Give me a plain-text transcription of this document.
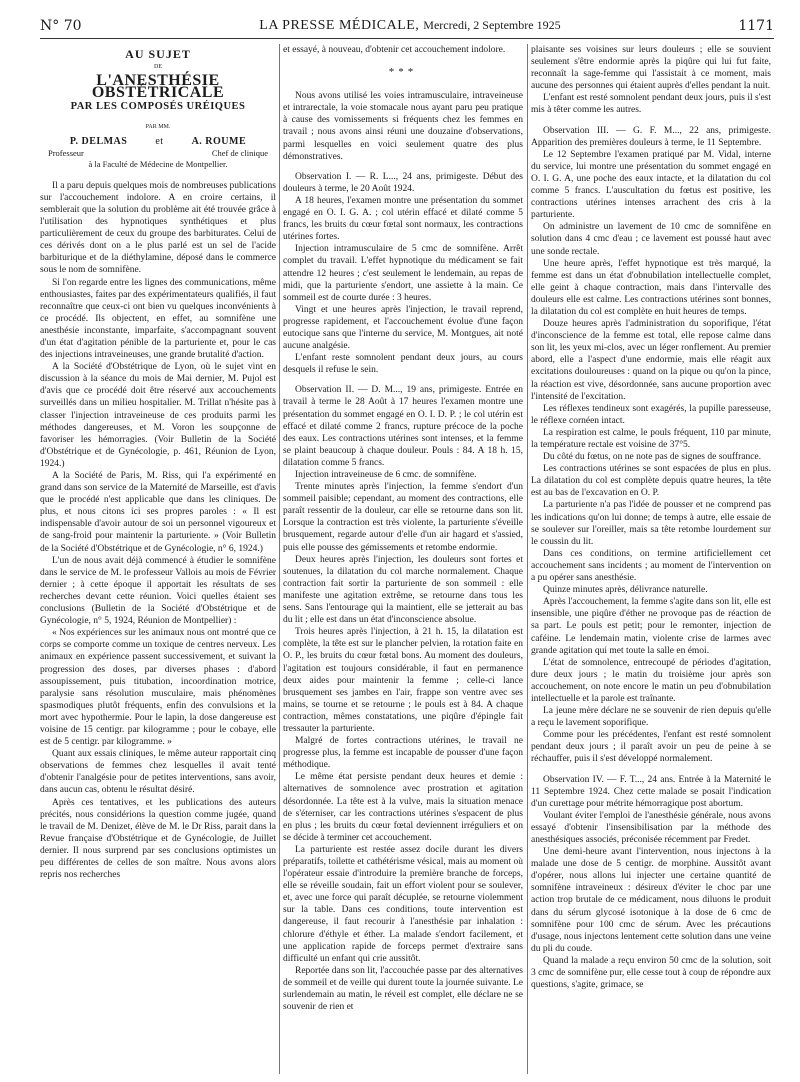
N° 70	LA PRESSE MÉDICALE, Mercredi, 2 Septembre 1925	1171
AU SUJET
DE
L'ANESTHÉSIE OBSTÉTRICALE
PAR LES COMPOSÉS URÉIQUES
PAR MM.
P. DELMAS	et	A. ROUME
Professeur	Chef de clinique
à la Faculté de Médecine de Montpellier.

Il a paru depuis quelques mois de nombreuses publications sur l'accouchement indolore. A en croire certains, il semblerait que la solution du problème ait été trouvée grâce à l'utilisation des hypnotiques synthétiques et plus particulièrement de ceux du groupe des barbiturates. Celui de ces dérivés dont on a le plus parlé est un sel de l'acide barbiturique et de la diéthylamine, déposé dans le commerce sous le nom de somnifène.

Si l'on regarde entre les lignes des communications, même enthousiastes, faites par des expérimentateurs qualifiés, il faut reconnaître que ceux-ci ont bien vu quelques inconvénients à ce procédé. Ils objectent, en effet, au somnifène une anesthésie inconstante, imparfaite, s'accompagnant souvent d'un état d'agitation pénible de la parturiente et, pour le cas des injections intraveineuses, une grande brutalité d'action.

A la Société d'Obstétrique de Lyon, où le sujet vint en discussion à la séance du mois de Mai dernier, M. Pujol est d'avis que ce procédé doit être réservé aux accouchements surveillés dans un milieu hospitalier. M. Trillat n'hésite pas à classer l'injection intraveineuse de ces produits parmi les méthodes dangereuses, et M. Voron les soupçonne de favoriser les hémorragies. (Voir Bulletin de la Société d'Obstétrique et de Gynécologie, p. 461, Réunion de Lyon, 1924.)

A la Société de Paris, M. Riss, qui l'a expérimenté en grand dans son service de la Maternité de Marseille, est d'avis que le procédé n'est applicable que dans les cliniques. De plus, et nous citons ici ses propres paroles : « Il est indispensable d'avoir autour de soi un personnel vigoureux et de sang-froid pour maintenir la parturiente. » (Voir Bulletin de la Société d'Obstétrique et de Gynécologie, n° 6, 1924.)

L'un de nous avait déjà commencé à étudier le somnifène dans le service de M. le professeur Vallois au mois de Février dernier ; à cette époque il apportait les résultats de ses recherches devant cette réunion. Voici quelles étaient ses conclusions (Bulletin de la Société d'Obstétrique et de Gynécologie, n° 5, 1924, Réunion de Montpellier) :

« Nos expériences sur les animaux nous ont montré que ce corps se comporte comme un toxique de centres nerveux. Les animaux en expérience passent successivement, et suivant la progression des doses, par diverses phases : d'abord assoupissement, puis titubation, incoordination motrice, paralysie sans résolution musculaire, mais phénomènes spasmodiques plutôt fréquents, enfin des convulsions et la mort avec hypothermie. Pour le lapin, la dose dangereuse est voisine de 15 centigr. par kilogramme ; pour le cobaye, elle est de 5 centigr. par kilogramme. »

Quant aux essais cliniques, le même auteur rapportait cinq observations de femmes chez lesquelles il avait tenté d'obtenir l'analgésie pour de petites interventions, sans avoir, dans aucun cas, obtenu le résultat désiré.

Après ces tentatives, et les publications des auteurs précités, nous considérions la question comme jugée, quand le travail de M. Denizet, élève de M. le Dr Riss, parait dans la Revue française d'Obstétrique et de Gynécologie, de Juillet dernier. Il nous surprend par ses conclusions optimistes un peu différentes de celles de son maître. Nous avons alors repris nos recherches

et essayé, à nouveau, d'obtenir cet accouchement indolore.

***

Nous avons utilisé les voies intramusculaire, intraveineuse et intrarectale, la voie stomacale nous ayant paru peu pratique à cause des vomissements si fréquents chez les femmes en travail ; nous avons ainsi réuni une douzaine d'observations, parmi lesquelles en voici seulement quatre des plus démonstratives.

Observation I. — R. L..., 24 ans, primigeste. Début des douleurs à terme, le 20 Août 1924.

A 18 heures, l'examen montre une présentation du sommet engagé en O. I. G. A. ; col utérin effacé et dilaté comme 5 francs, les bruits du cœur fœtal sont normaux, les contractions utérines fortes.

Injection intramusculaire de 5 cmc de somnifène. Arrêt complet du travail. L'effet hypnotique du médicament se fait attendre 12 heures ; c'est seulement le lendemain, au repas de midi, que la parturiente s'endort, une assiette à la main. Ce sommeil est de courte durée : 3 heures.

Vingt et une heures après l'injection, le travail reprend, progresse rapidement, et l'accouchement évolue d'une façon eutocique sans que l'interne du service, M. Montgues, ait noté aucune analgésie.

L'enfant reste somnolent pendant deux jours, au cours desquels il refuse le sein.

Observation II. — D. M..., 19 ans, primigeste. Entrée en travail à terme le 28 Août à 17 heures l'examen montre une présentation du sommet engagé en O. I. D. P. ; le col utérin est effacé et dilaté comme 2 francs, rupture précoce de la poche des eaux. Les contractions utérines sont intenses, et la femme se plaint beaucoup à chaque douleur. Pouls : 84. A 18 h. 15, dilatation comme 5 francs.

Injection intraveineuse de 6 cmc. de somnifène.

Trente minutes après l'injection, la femme s'endort d'un sommeil paisible; cependant, au moment des contractions, elle paraît ressentir de la douleur, car elle se retourne dans son lit. Lorsque la contraction est très violente, la parturiente s'éveille brusquement, regarde autour d'elle d'un air hagard et s'assied, puis elle pousse des gémissements et retombe endormie.

Deux heures après l'injection, les douleurs sont fortes et soutenues, la dilatation du col marche normalement. Chaque contraction fait sortir la parturiente de son sommeil : elle manifeste une agitation extrême, se retourne dans tous les sens. Sans l'entourage qui la maintient, elle se jetterait au bas du lit ; elle est dans un état d'inconscience absolue.

Trois heures après l'injection, à 21 h. 15, la dilatation est complète, la tête est sur le plancher pelvien, la rotation faite en O. P., les bruits du cœur fœtal bons. Au moment des douleurs, l'agitation est toujours considérable, il faut en permanence deux aides pour maintenir la femme ; celle-ci lance brusquement ses jambes en l'air, frappe son ventre avec ses mains, se tourne et se retourne ; le pouls est à 84. A chaque contraction, mêmes constatations, une piqûre d'épingle fait tressauter la parturiente.

Malgré de fortes contractions utérines, le travail ne progresse plus, la femme est incapable de pousser d'une façon méthodique.

Le même état persiste pendant deux heures et demie : alternatives de somnolence avec prostration et agitation désordonnée. La tête est à la vulve, mais la situation menace de s'éterniser, car les contractions utérines s'espacent de plus en plus ; les bruits du cœur fœtal deviennent irréguliers et on se décide à terminer cet accouchement.

La parturiente est restée assez docile durant les divers préparatifs, toilette et cathétérisme vésical, mais au moment où l'opérateur essaie d'introduire la première branche de forceps, elle se réveille soudain, fait un effort violent pour se soulever, et, avec une force qui paraît décuplée, se retourne violemment sur la table. Dans ces conditions, toute intervention est dangereuse, il faut recourir à l'anesthésie par inhalation : chlorure d'éthyle et éther. La malade s'endort facilement, et une application rapide de forceps permet d'extraire sans difficulté un enfant qui crie aussitôt.

Reportée dans son lit, l'accouchée passe par des alternatives de sommeil et de veille qui durent toute la journée suivante. Le surlendemain au matin, le réveil est complet, elle déclare ne se souvenir de rien et

plaisante ses voisines sur leurs douleurs ; elle se souvient seulement s'être endormie après la piqûre qui lui fut faite, reconnaît la sage-femme qui l'assistait à ce moment, mais aucune des personnes qui étaient auprès d'elles pendant la nuit.

L'enfant est resté somnolent pendant deux jours, puis il s'est mis à têter comme les autres.

Observation III. — G. F. M..., 22 ans, primigeste. Apparition des premières douleurs à terme, le 11 Septembre.

Le 12 Septembre l'examen pratiqué par M. Vidal, interne du service, lui montre une présentation du sommet engagé en O. I. G. A, une poche des eaux intacte, et la dilatation du col comme 5 francs. L'auscultation du fœtus est positive, les contractions utérines intenses arrachent des cris à la parturiente.

On administre un lavement de 10 cmc de somnifène en solution dans 4 cmc d'eau ; ce lavement est poussé haut avec une sonde rectale.

Une heure après, l'effet hypnotique est très marqué, la femme est dans un état d'obnubilation intellectuelle complet, elle geint à chaque contraction, mais dans l'intervalle des douleurs elle est calme. Les contractions utérines sont bonnes, la dilatation du col est complète en huit heures de temps.

Douze heures après l'administration du soporifique, l'état d'inconscience de la femme est total, elle repose calme dans son lit, les yeux mi-clos, avec un léger ronflement. Au premier abord, elle a l'aspect d'une endormie, mais elle réagit aux excitations douloureuses : quand on la pique ou qu'on la pince, la réaction est vive, désordonnée, sans aucune proportion avec l'intensité de l'excitation.

Les réflexes tendineux sont exagérés, la pupille paresseuse, le réflexe cornéen intact.

La respiration est calme, le pouls fréquent, 110 par minute, la température rectale est voisine de 37°5.

Du côté du fœtus, on ne note pas de signes de souffrance.

Les contractions utérines se sont espacées de plus en plus. La dilatation du col est complète depuis quatre heures, la tête est au bas de l'excavation en O. P.

La parturiente n'a pas l'idée de pousser et ne comprend pas les indications qu'on lui donne; de temps à autre, elle essaie de se soulever sur l'oreiller, mais sa tête retombe lourdement sur le coussin du lit.

Dans ces conditions, on termine artificiellement cet accouchement sans incidents ; au moment de l'intervention on a pu opérer sans anesthésie.

Quinze minutes après, délivrance naturelle.

Après l'accouchement, la femme s'agite dans son lit, elle est insensible, une piqûre d'éther ne provoque pas de réaction de sa part. Le pouls est petit; pour le remonter, injection de caféine. Le lendemain matin, violente crise de larmes avec grande agitation qui met toute la salle en émoi.

L'état de somnolence, entrecoupé de périodes d'agitation, dure deux jours ; le matin du troisième jour après son accouchement, on note encore le matin un peu d'obnubilation intellectuelle et la parole est traînante.

La jeune mère déclare ne se souvenir de rien depuis qu'elle a reçu le lavement soporifique.

Comme pour les précédentes, l'enfant est resté somnolent pendant deux jours ; il paraît avoir un peu de peine à se réchauffer, puis il s'est développé normalement.

Observation IV. — F. T..., 24 ans. Entrée à la Maternité le 11 Septembre 1924. Chez cette malade se posait l'indication d'un curettage pour métrite hémorragique post abortum.

Voulant éviter l'emploi de l'anesthésie générale, nous avons essayé d'obtenir l'insensibilisation par la méthode des anesthésiques associés, préconisée récemment par Fredet.

Une demi-heure avant l'intervention, nous injectons à la malade une dose de 5 centigr. de morphine. Aussitôt avant d'opérer, nous allons lui injecter une certaine quantité de somnifène intraveineux : désireux d'éviter le choc par une action trop brutale de ce médicament, nous diluons le produit dans du sérum glycosé isotonique à la dose de 6 cmc de somnifène pour 100 cmc de sérum. Avec les précautions d'usage, nous injectons lentement cette solution dans une veine du pli du coude.

Quand la malade a reçu environ 50 cmc de la solution, soit 3 cmc de somnifène pur, elle cesse tout à coup de répondre aux questions, s'agite, grimace, se
